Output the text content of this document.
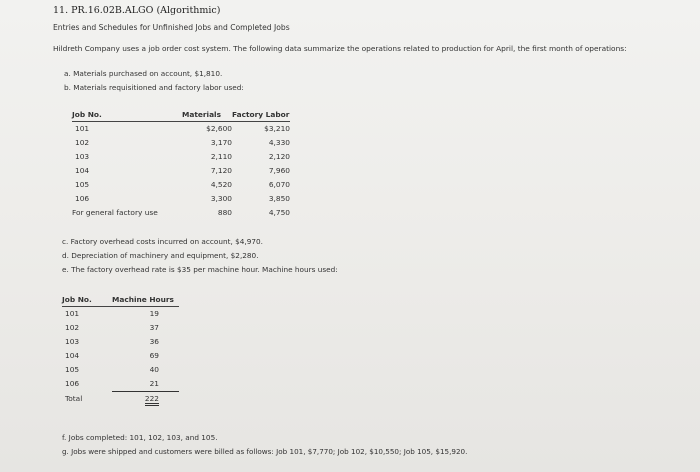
11. PR.16.02B.ALGO (Algorithmic)
Entries and Schedules for Unfinished Jobs and Completed Jobs
Hildreth Company uses a job order cost system. The following data summarize the operations related to production for April, the first month of operations:
a. Materials purchased on account, $1,810.
b. Materials requisitioned and factory labor used:
Job No.	Materials	Factory Labor
101	$2,600	$3,210
102	3,170	4,330
103	2,110	2,120
104	7,120	7,960
105	4,520	6,070
106	3,300	3,850
For general factory use	880	4,750
c. Factory overhead costs incurred on account, $4,970.
d. Depreciation of machinery and equipment, $2,280.
e. The factory overhead rate is $35 per machine hour. Machine hours used:
Job No.	Machine Hours
101	19
102	37
103	36
104	69
105	40
106	21
Total	222
f. Jobs completed: 101, 102, 103, and 105.
g. Jobs were shipped and customers were billed as follows: Job 101, $7,770; Job 102, $10,550; Job 105, $15,920.
